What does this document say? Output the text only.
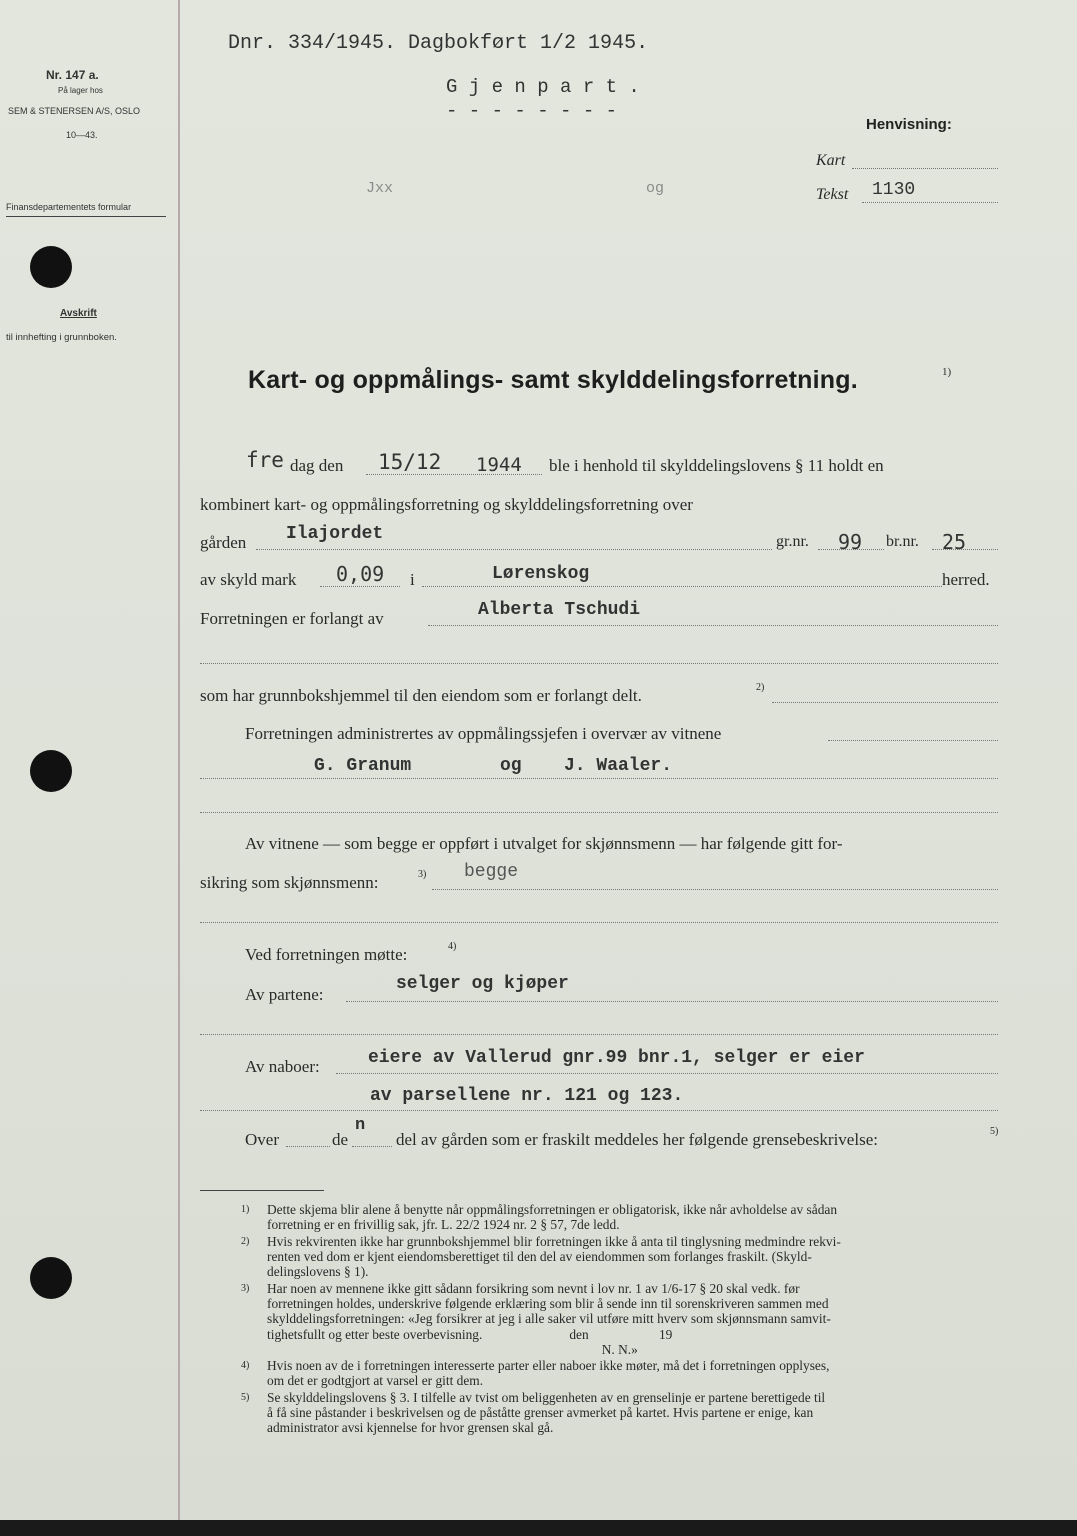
Nr. 147 a.
På lager hos
SEM & STENERSEN A/S, OSLO
10—43.
Finansdepartementets formular
Avskrift
til innhefting i grunnboken.
Dnr. 334/1945. Dagbokført 1/2 1945.
G j e n p a r t .
- - - - - - - -
Jxx	og
Henvisning:
Kart
Tekst 1130
Kart- og oppmålings- samt skylddelingsforretning.	1)
fre dag den 15/12 1944 ble i henhold til skylddelingslovens § 11 holdt en
kombinert kart- og oppmålingsforretning og skylddelingsforretning over
gården Ilajordet	gr.nr. 99 br.nr. 25
av skyld mark 0,09 i	Lørenskog	herred.
Forretningen er forlangt av	Alberta Tschudi
som har grunnbokshjemmel til den eiendom som er forlangt delt.	2)
Forretningen administrertes av oppmålingssjefen i overvær av vitnene
G. Granum	og J. Waaler.
Av vitnene — som begge er oppført i utvalget for skjønnsmenn — har følgende gitt for-
sikring som skjønnsmenn:	3) begge
Ved forretningen møtte:	4)
Av partene:
selger og kjøper
Av naboer:	eiere av Vallerud gnr.99 bnr.1, selger er eier
av parsellene nr. 121 og 123.
Over	de
n
del av gården som er fraskilt meddeles her følgende grensebeskrivelse:	5)
1) Dette skjema blir alene å benytte når oppmålingsforretningen er obligatorisk, ikke når avholdelse av sådan
forretning er en frivillig sak, jfr. L. 22/2 1924 nr. 2 § 57, 7de ledd.
2) Hvis rekvirenten ikke har grunnbokshjemmel blir forretningen ikke å anta til tinglysning medmindre rekvi-
renten ved dom er kjent eiendomsberettiget til den del av eiendommen som forlanges fraskilt. (Skyld-
delingslovens § 1).
3) Har noen av mennene ikke gitt sådann forsikring som nevnt i lov nr. 1 av 1/6-17 § 20 skal vedk. før
forretningen holdes, underskrive følgende erklæring som blir å sende inn til sorenskriveren sammen med
skylddelingsforretningen: «Jeg forsikrer at jeg i alle saker vil utføre mitt hverv som skjønnsmann samvit-
tighetsfullt og etter beste overbevisning.                          den                     19
N. N.»
4) Hvis noen av de i forretningen interesserte parter eller naboer ikke møter, må det i forretningen opplyses,
om det er godtgjort at varsel er gitt dem.
5) Se skylddelingslovens § 3. I tilfelle av tvist om beliggenheten av en grenselinje er partene berettigede til
å få sine påstander i beskrivelsen og de påståtte grenser avmerket på kartet. Hvis partene er enige, kan
administrator avsi kjennelse for hvor grensen skal gå.
